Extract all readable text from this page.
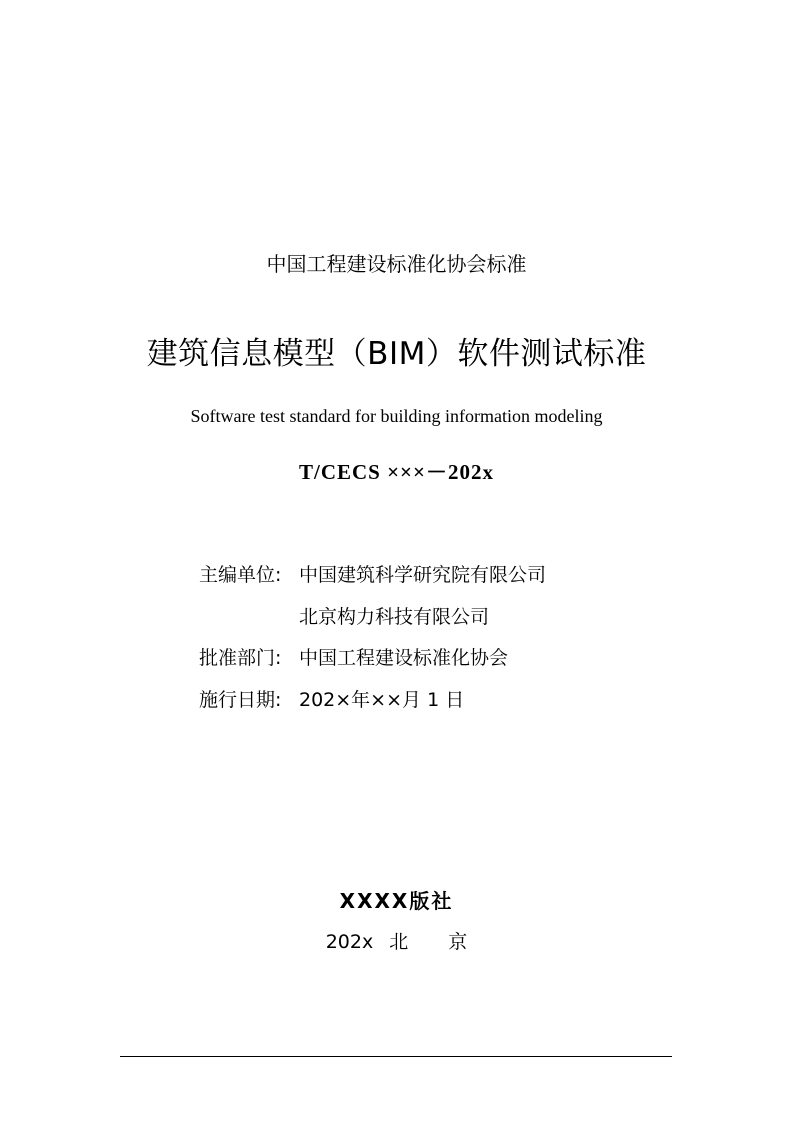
中国工程建设标准化协会标准
建筑信息模型（BIM）软件测试标准
Software test standard for building information modeling
T/CECS ×××－202x
主编单位: 中国建筑科学研究院有限公司
北京构力科技有限公司
批准部门: 中国工程建设标准化协会
施行日期: 202×年××月 1 日
XXXX版社
202x 北 京
